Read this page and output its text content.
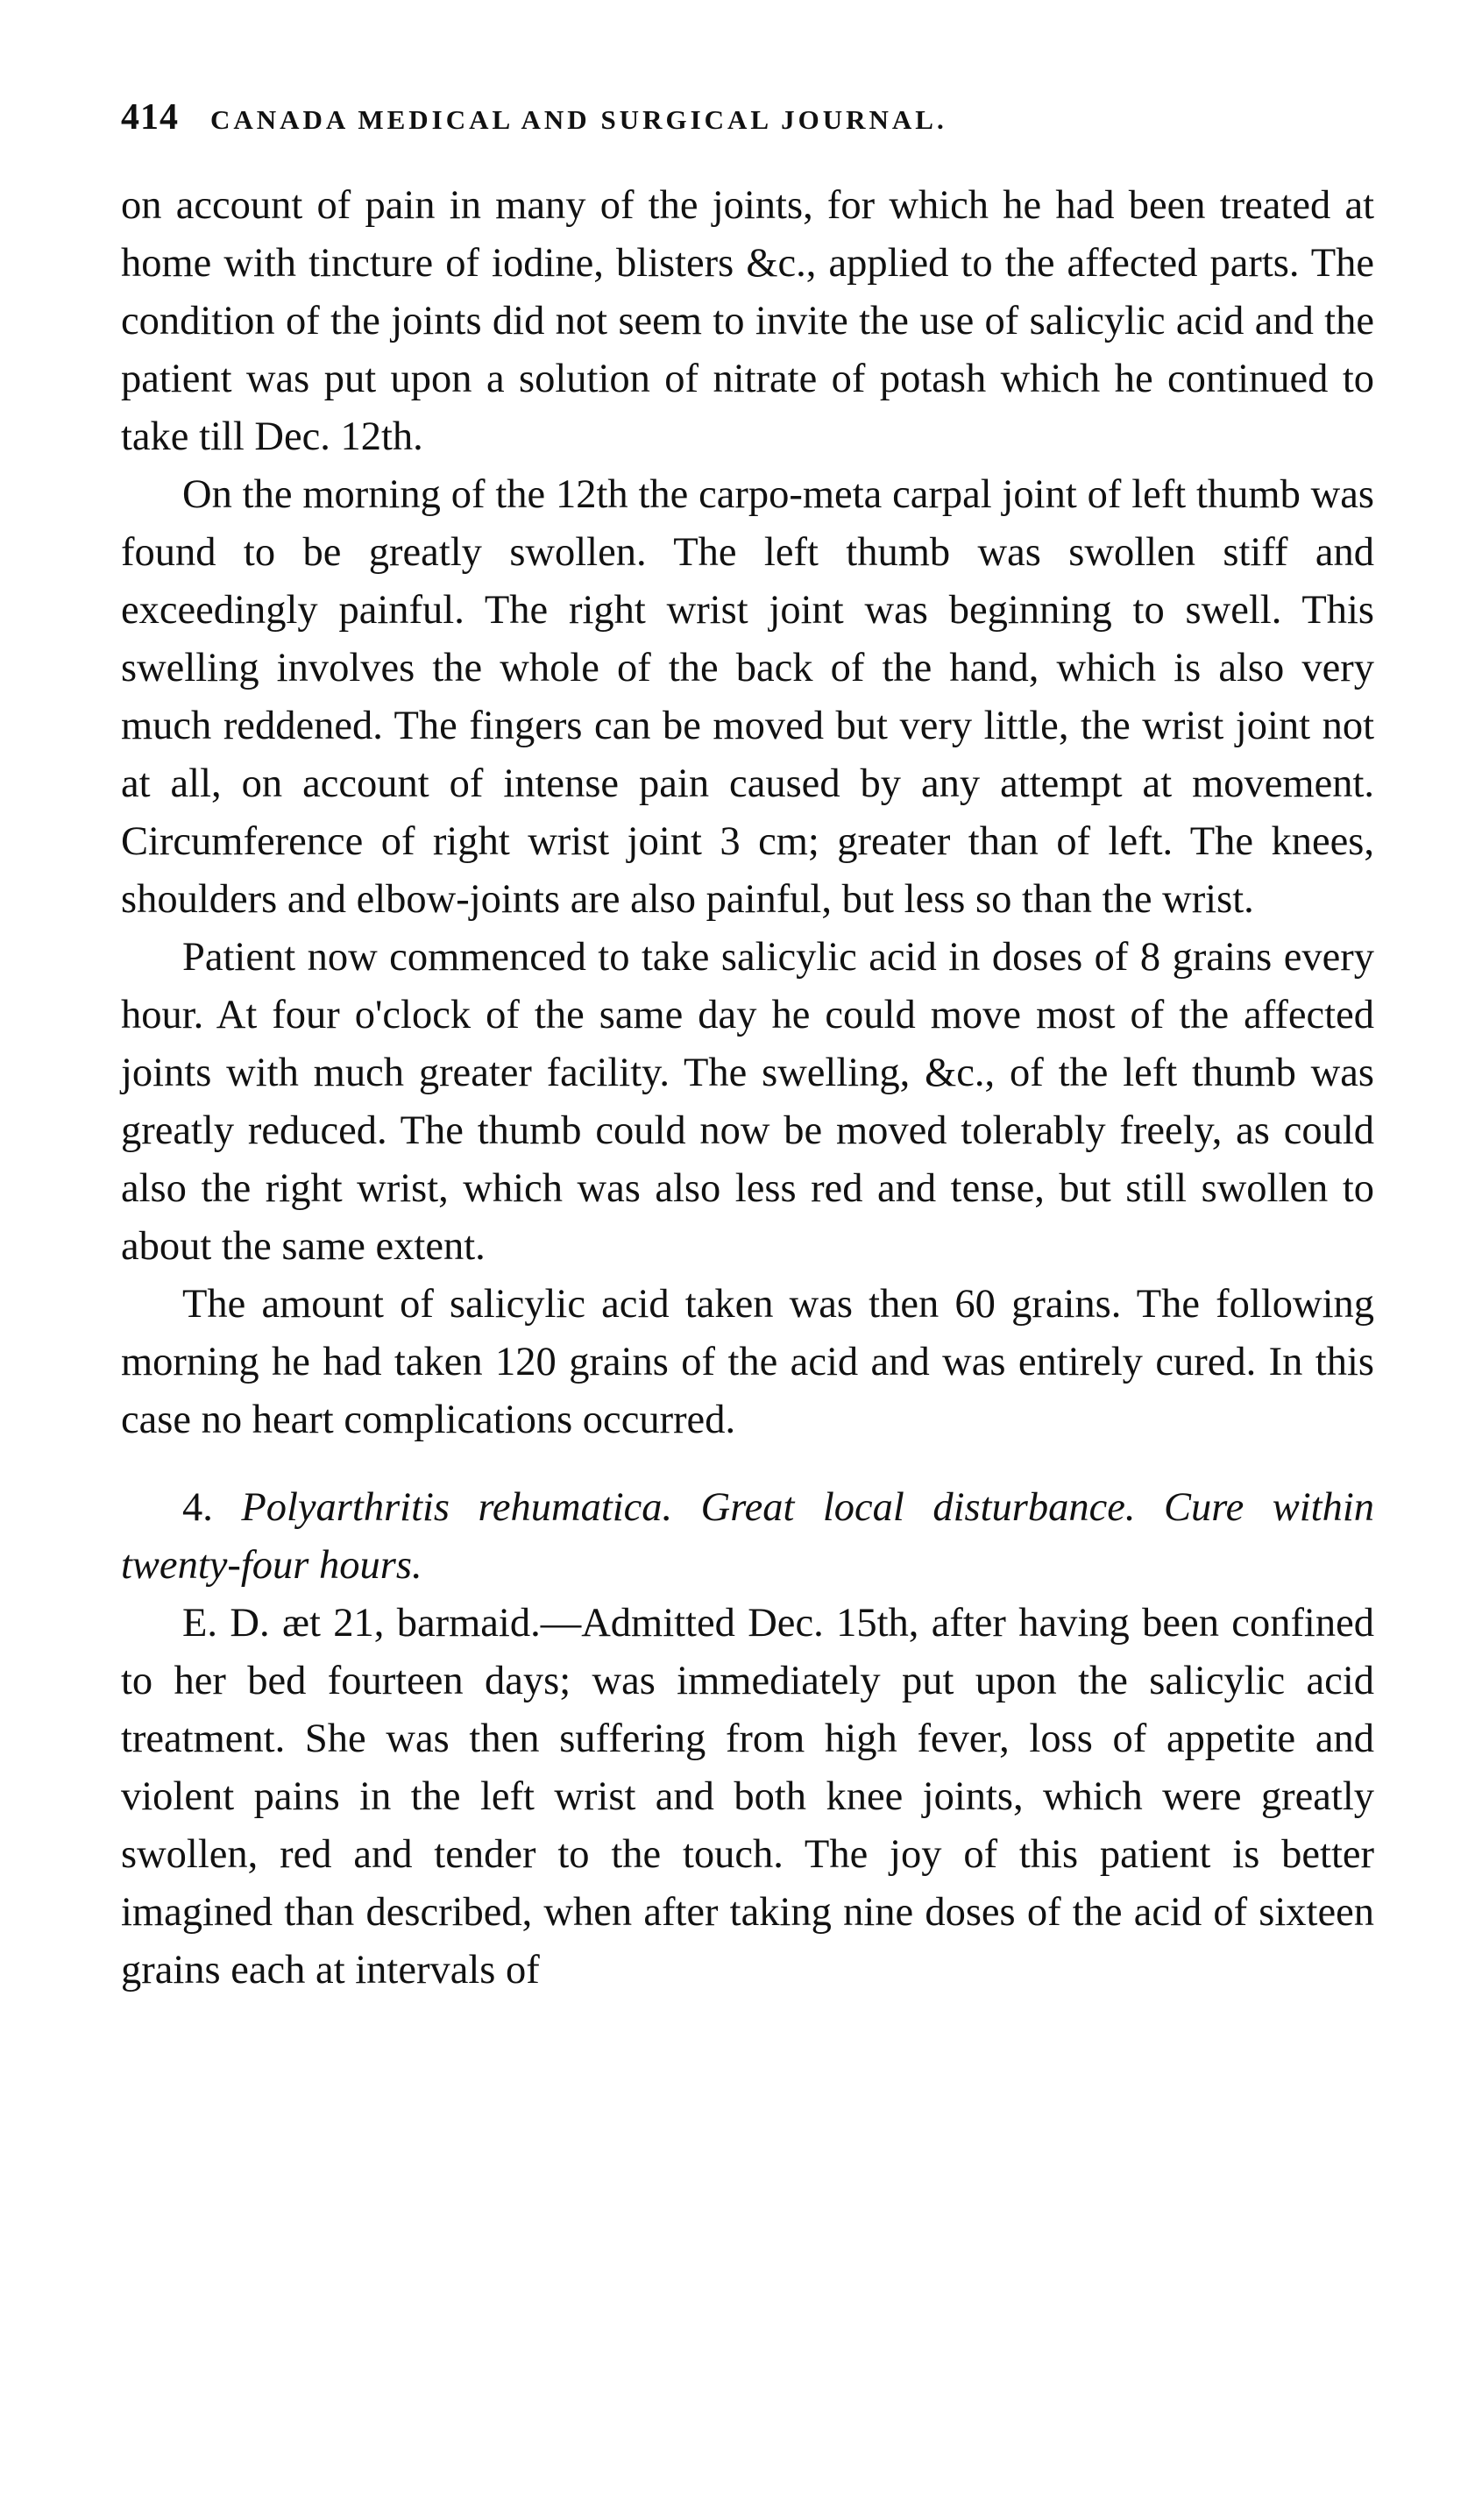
414	CANADA MEDICAL AND SURGICAL JOURNAL.

on account of pain in many of the joints, for which he had been treated at home with tincture of iodine, blisters &c., applied to the affected parts. The condition of the joints did not seem to invite the use of salicylic acid and the patient was put upon a solution of nitrate of potash which he continued to take till Dec. 12th.

On the morning of the 12th the carpo-meta carpal joint of left thumb was found to be greatly swollen. The left thumb was swollen stiff and exceedingly painful. The right wrist joint was beginning to swell. This swelling involves the whole of the back of the hand, which is also very much reddened. The fingers can be moved but very little, the wrist joint not at all, on account of intense pain caused by any attempt at movement. Circumference of right wrist joint 3 cm; greater than of left. The knees, shoulders and elbow-joints are also painful, but less so than the wrist.

Patient now commenced to take salicylic acid in doses of 8 grains every hour. At four o'clock of the same day he could move most of the affected joints with much greater facility. The swelling, &c., of the left thumb was greatly reduced. The thumb could now be moved tolerably freely, as could also the right wrist, which was also less red and tense, but still swollen to about the same extent.

The amount of salicylic acid taken was then 60 grains. The following morning he had taken 120 grains of the acid and was entirely cured. In this case no heart complications occurred.

4. Polyarthritis rehumatica. Great local disturbance. Cure within twenty-four hours.

E. D. æt 21, barmaid.—Admitted Dec. 15th, after having been confined to her bed fourteen days; was immediately put upon the salicylic acid treatment. She was then suffering from high fever, loss of appetite and violent pains in the left wrist and both knee joints, which were greatly swollen, red and tender to the touch. The joy of this patient is better imagined than described, when after taking nine doses of the acid of sixteen grains each at intervals of
